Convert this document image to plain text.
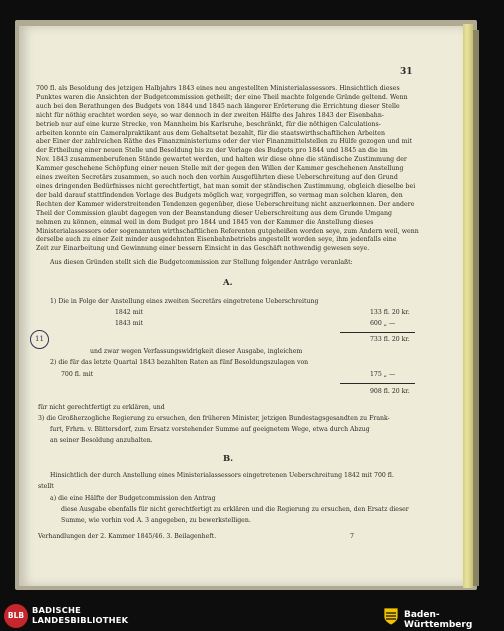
31
700 fl. als Besoldung des jetzigen Halbjahrs 1843 eines neu angestellten Ministerialassessors. Hinsichtlich dieses
Punktes waren die Ansichten der Budgetcommission getheilt; der eine Theil machte folgende Gründe geltend. Wenn
auch bei den Berathungen des Budgets von 1844 und 1845 nach längerer Erörterung die Errichtung dieser Stelle
nicht für nöthig erachtet worden seye, so war dennoch in der zweiten Hälfte des Jahres 1843 der Eisenbahn-
betrieb nur auf eine kurze Strecke, von Mannheim bis Karlsruhe, beschränkt, für die nöthigen Calculations-
arbeiten konnte ein Cameralpraktikant aus dem Gehaltsetat bezahlt, für die staatswirthschaftlichen Arbeiten
aber Einer der zahlreichen Räthe des Finanzministeriums oder der vier Finanzmittelstellen zu Hülfe gezogen und mit
der Ertheilung einer neuen Stelle und Besoldung bis zu der Vorlage des Budgets pro 1844 und 1845 an die im
Nov. 1843 zusammenberufenen Stände gewartet werden, und halten wir diese ohne die ständische Zustimmung der
Kammer geschehene Schöpfung einer neuen Stelle mit der gegen den Willen der Kammer geschehenen Anstellung
eines zweiten Secretärs zusammen, so auch noch den vorhin Ausgeführten diese Ueberschreitung auf den Grund
eines dringenden Bedürfnisses nicht gerechtfertigt, hat man somit der ständischen Zustimmung, obgleich dieselbe bei
der bald darauf stattfindenden Vorlage des Budgets möglich war, vorgegriffen, so vermag man solchen klaren, den
Rechten der Kammer widerstreitenden Tendenzen gegenüber, diese Ueberschreitung nicht anzuerkennen. Der andere
Theil der Commission glaubt dagegen von der Beanstandung dieser Ueberschreitung aus dem Grunde Umgang
nehmen zu können, einmal weil in dem Budget pro 1844 und 1845 von der Kammer die Anstellung dieses
Ministerialassessors oder sogenannten wirthschaftlichen Referenten gutgeheißen worden seye, zum Andern weil, wenn
derselbe auch zu einer Zeit minder ausgedehnten Eisenbahnbetriebs angestellt worden seye, ihm jedenfalls eine
Zeit zur Einarbeitung und Gewinnung einer bessern Einsicht in das Geschäft nothwendig gewesen seye.
Aus diesen Gründen stellt sich die Budgetcommission zur Stellung folgender Anträge veranlaßt:
A.
1) Die in Folge der Anstellung eines zweiten Secretärs eingetretene Ueberschreitung
1842 mit	133 fl. 20 kr.
1843 mit	600 „ —
733 fl. 20 kr.
und zwar wegen Verfassungswidrigkeit dieser Ausgabe, ingleichem
2) die für das letzte Quartal 1843 bezahlten Raten an fünf Besoldungszulagen von
700 fl. mit	175 „ —
908 fl. 20 kr.
für nicht gerechtfertigt zu erklären, und
3) die Großherzogliche Regierung zu ersuchen, den früheren Minister, jetzigen Bundestagsgesandten zu Frank-
furt, Frhrn. v. Blittersdorf, zum Ersatz vorstehender Summe auf geeignetem Wege, etwa durch Abzug
an seiner Besoldung anzuhalten.
B.
Hinsichtlich der durch Anstellung eines Ministerialassessors eingetretenen Ueberschreitung 1842 mit 700 fl.
stellt
a) die eine Hälfte der Budgetcommission den Antrag
diese Ausgabe ebenfalls für nicht gerechtfertigt zu erklären und die Regierung zu ersuchen, den Ersatz dieser
Summe, wie vorhin vod A. 3 angegeben, zu bewerkstelligen.
Verhandlungen der 2. Kammer 1845/46. 3. Beilagenheft.	7
11
BLB
BADISCHE
LANDESBIBLIOTHEK	Baden-Württemberg
